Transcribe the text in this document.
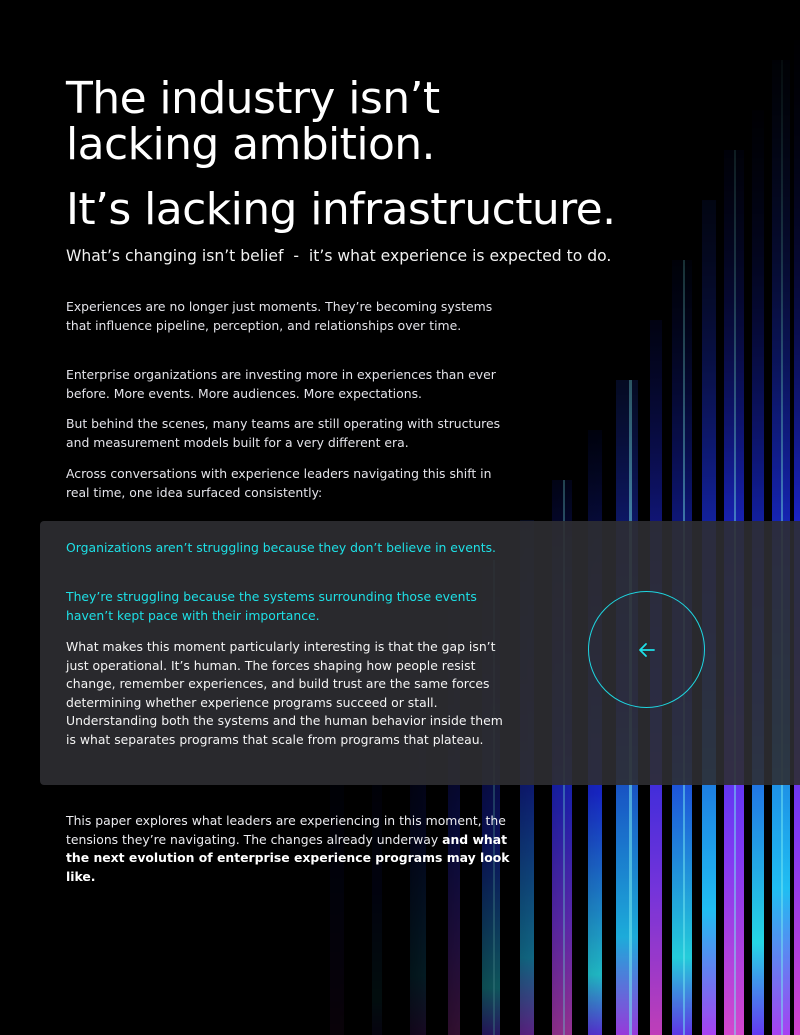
The industry isn’t
lacking ambition.
It’s lacking infrastructure.

What’s changing isn’t belief  -  it’s what experience is expected to do.

Experiences are no longer just moments. They’re becoming systems that influence pipeline, perception, and relationships over time.

Enterprise organizations are investing more in experiences than ever before. More events. More audiences. More expectations.

But behind the scenes, many teams are still operating with structures and measurement models built for a very different era.

Across conversations with experience leaders navigating this shift in real time, one idea surfaced consistently:

Organizations aren’t struggling because they don’t believe in events.

They’re struggling because the systems surrounding those events haven’t kept pace with their importance.

What makes this moment particularly interesting is that the gap isn’t just operational. It’s human. The forces shaping how people resist change, remember experiences, and build trust are the same forces determining whether experience programs succeed or stall. Understanding both the systems and the human behavior inside them is what separates programs that scale from programs that plateau.

This paper explores what leaders are experiencing in this moment, the tensions they’re navigating. The changes already underway and what the next evolution of enterprise experience programs may look like.
